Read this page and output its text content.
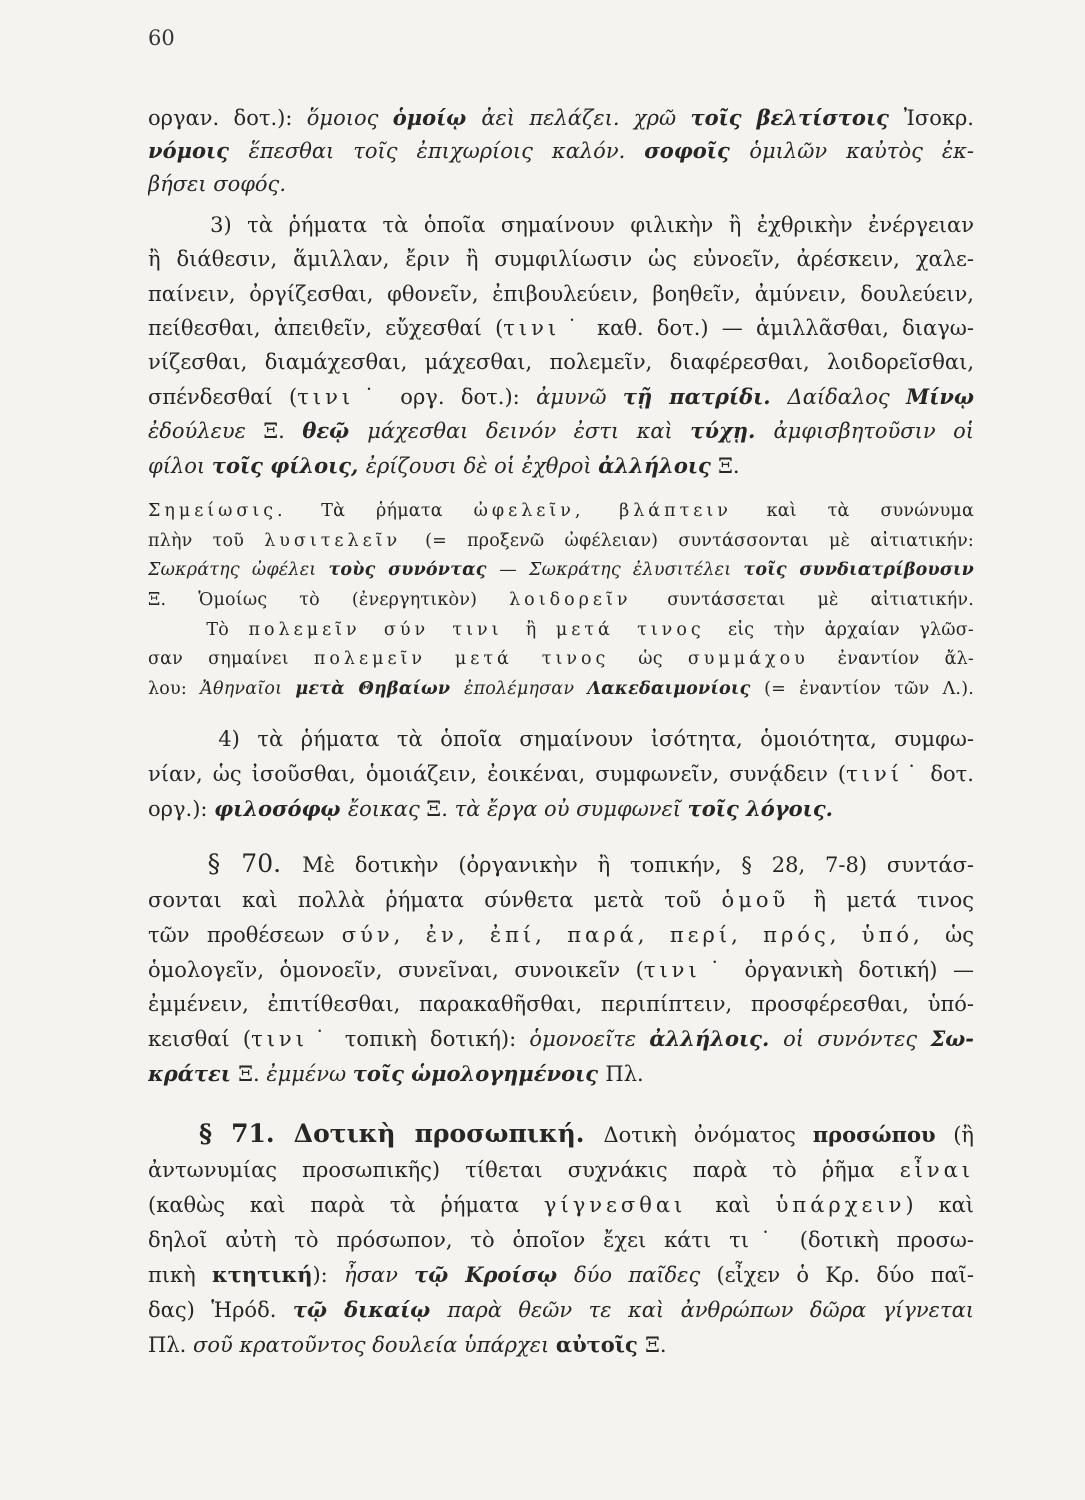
60
οργαν. δοτ.): ὅμοιος ὁμοίῳ ἀεὶ πελάζει. χρῶ τοῖς βελτίστοις Ἰσοκρ.
νόμοις ἕπεσθαι τοῖς ἐπιχωρίοις καλόν. σοφοῖς ὁμιλῶν καὐτὸς ἐκ-
βήσει σοφός.
3) τὰ ῥήματα τὰ ὁποῖα σημαίνουν φιλικὴν ἢ ἐχθρικὴν ἐνέργειαν
ἢ διάθεσιν, ἅμιλλαν, ἔριν ἢ συμφιλίωσιν ὡς εὐνοεῖν, ἀρέσκειν, χαλε-
παίνειν, ὀργίζεσθαι, φθονεῖν, ἐπιβουλεύειν, βοηθεῖν, ἀμύνειν, δουλεύειν,
πείθεσθαι, ἀπειθεῖν, εὔχεσθαί (τινι˙ καθ. δοτ.) — ἁμιλλᾶσθαι, διαγω-
νίζεσθαι, διαμάχεσθαι, μάχεσθαι, πολεμεῖν, διαφέρεσθαι, λοιδορεῖσθαι,
σπένδεσθαί (τινι˙ οργ. δοτ.): ἀμυνῶ τῇ πατρίδι. Δαίδαλος Μίνῳ
ἐδούλευε Ξ. θεῷ μάχεσθαι δεινόν ἐστι καὶ τύχῃ. ἀμφισβητοῦσιν οἱ
φίλοι τοῖς φίλοις, ἐρίζουσι δὲ οἱ ἐχθροὶ ἀλλήλοις Ξ.
Σημείωσις. Τὰ ῥήματα ὠφελεῖν, βλάπτειν καὶ τὰ συνώνυμα
πλὴν τοῦ λυσιτελεῖν (= προξενῶ ὠφέλειαν) συντάσσονται μὲ αἰτιατικήν:
Σωκράτης ὠφέλει τοὺς συνόντας — Σωκράτης ἐλυσιτέλει τοῖς συνδιατρίβουσιν
Ξ. Ὁμοίως τὸ (ἐνεργητικὸν) λοιδορεῖν συντάσσεται μὲ αἰτιατικήν.
Τὸ πολεμεῖν σύν τινι ἢ μετά τινος εἰς τὴν ἀρχαίαν γλῶσ-
σαν σημαίνει πολεμεῖν μετά τινος ὡς συμμάχου ἐναντίον ἄλ-
λου: Ἀθηναῖοι μετὰ Θηβαίων ἐπολέμησαν Λακεδαιμονίοις (= ἐναντίον τῶν Λ.).
4) τὰ ῥήματα τὰ ὁποῖα σημαίνουν ἰσότητα, ὁμοιότητα, συμφω-
νίαν, ὡς ἰσοῦσθαι, ὁμοιάζειν, ἐοικέναι, συμφωνεῖν, συνᾴδειν (τινί˙ δοτ.
οργ.): φιλοσόφῳ ἔοικας Ξ. τὰ ἔργα οὐ συμφωνεῖ τοῖς λόγοις.
§ 70. Μὲ δοτικὴν (ὀργανικὴν ἢ τοπικήν, § 28, 7-8) συντάσ-
σονται καὶ πολλὰ ῥήματα σύνθετα μετὰ τοῦ ὁμοῦ ἢ μετά τινος
τῶν προθέσεων σύν, ἐν, ἐπί, παρά, περί, πρός, ὑπό, ὡς
ὁμολογεῖν, ὁμονοεῖν, συνεῖναι, συνοικεῖν (τινι˙ ὀργανικὴ δοτική) —
ἐμμένειν, ἐπιτίθεσθαι, παρακαθῆσθαι, περιπίπτειν, προσφέρεσθαι, ὑπό-
κεισθαί (τινι˙ τοπικὴ δοτική): ὁμονοεῖτε ἀλλήλοις. οἱ συνόντες Σω-
κράτει Ξ. ἐμμένω τοῖς ὡμολογημένοις Πλ.
§ 71. Δοτικὴ προσωπική. Δοτικὴ ὀνόματος προσώπου (ἢ
ἀντωνυμίας προσωπικῆς) τίθεται συχνάκις παρὰ τὸ ῥῆμα εἶναι
(καθὼς καὶ παρὰ τὰ ῥήματα γίγνεσθαι καὶ ὑπάρχειν) καὶ
δηλοῖ αὐτὴ τὸ πρόσωπον, τὸ ὁποῖον ἔχει κάτι τι˙ (δοτικὴ προσω-
πικὴ κτητική): ἦσαν τῷ Κροίσῳ δύο παῖδες (εἶχεν ὁ Κρ. δύο παῖ-
δας) Ἡρόδ. τῷ δικαίῳ παρὰ θεῶν τε καὶ ἀνθρώπων δῶρα γίγνεται
Πλ. σοῦ κρατοῦντος δουλεία ὑπάρχει αὐτοῖς Ξ.
